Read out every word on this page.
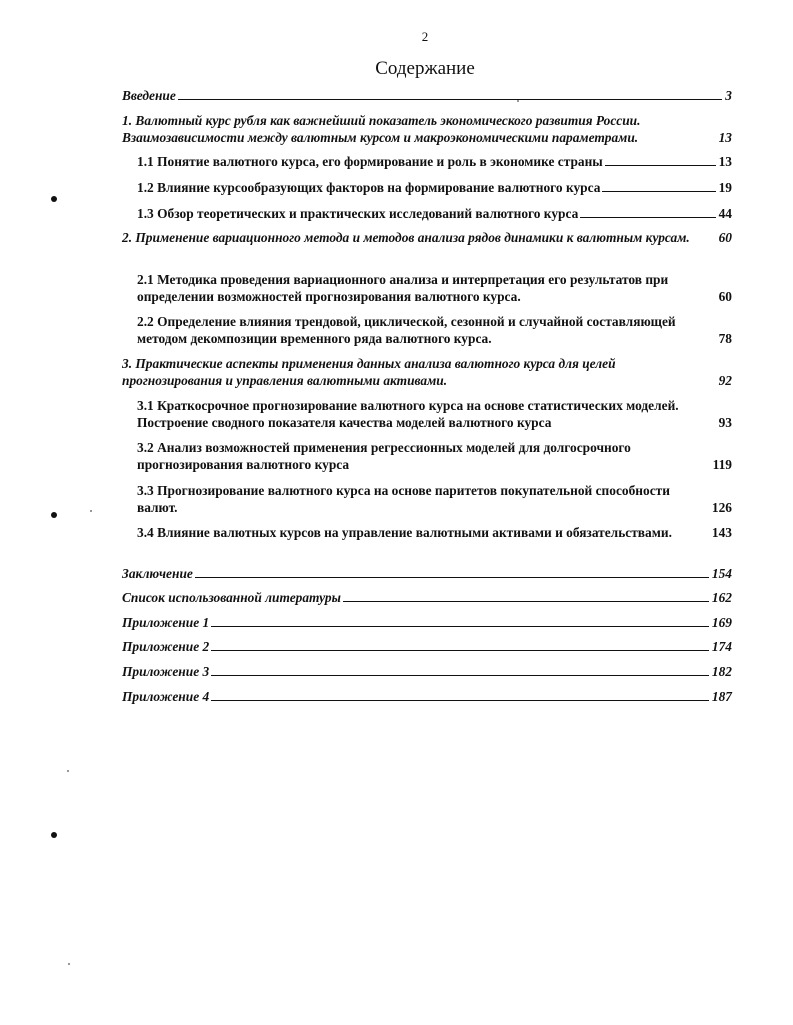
2
Содержание
Введение	3
1. Валютный курс рубля как важнейший показатель экономического развития России. Взаимозависимости между валютным курсом и макроэкономическими параметрами.	13
1.1 Понятие валютного курса, его формирование и роль в экономике страны	13
1.2 Влияние курсообразующих факторов на формирование валютного курса	19
1.3 Обзор теоретических и практических исследований валютного курса	44
2. Применение вариационного метода и методов анализа рядов динамики к валютным курсам.	60
2.1 Методика проведения вариационного анализа и интерпретация его результатов при определении возможностей прогнозирования валютного курса.	60
2.2 Определение влияния трендовой, циклической, сезонной и случайной составляющей методом декомпозиции временного ряда валютного курса.	78
3. Практические аспекты применения данных анализа валютного курса для целей прогнозирования и управления валютными активами.	92
3.1 Краткосрочное прогнозирование валютного курса на основе статистических моделей. Построение сводного показателя качества моделей валютного курса	93
3.2 Анализ возможностей применения регрессионных моделей для долгосрочного прогнозирования валютного курса	119
3.3 Прогнозирование валютного курса на основе паритетов покупательной способности валют.	126
3.4 Влияние валютных курсов на управление валютными активами и обязательствами.	143
Заключение	154
Список использованной литературы	162
Приложение 1	169
Приложение 2	174
Приложение 3	182
Приложение 4	187
